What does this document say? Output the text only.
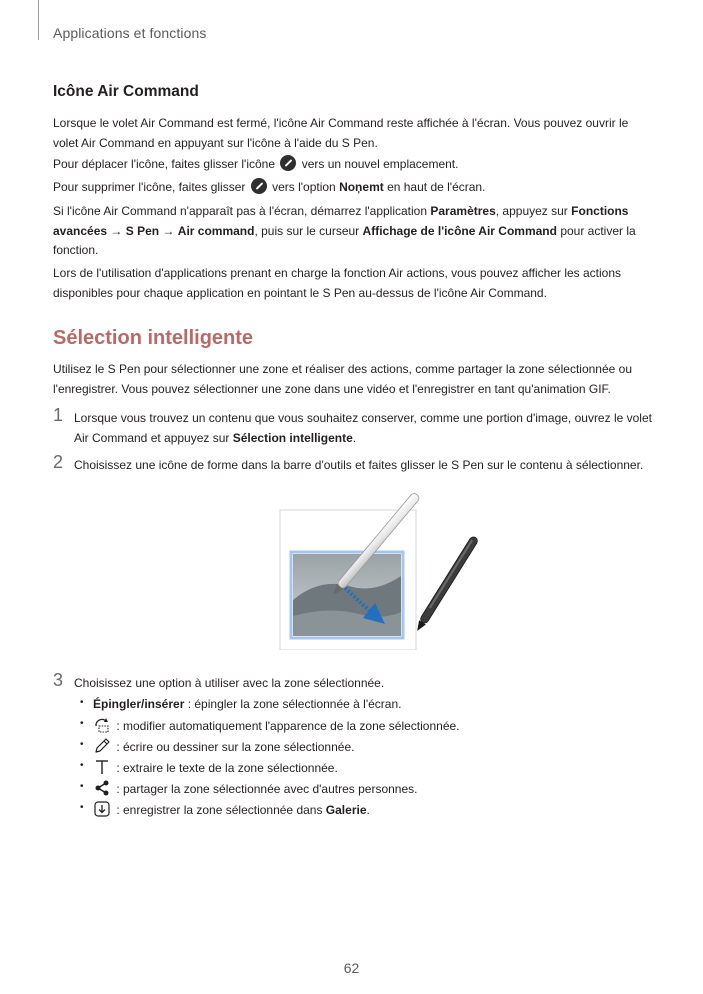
Applications et fonctions
Icône Air Command
Lorsque le volet Air Command est fermé, l'icône Air Command reste affichée à l'écran. Vous pouvez ouvrir le volet Air Command en appuyant sur l'icône à l'aide du S Pen.
Pour déplacer l'icône, faites glisser l'icône vers un nouvel emplacement.
Pour supprimer l'icône, faites glisser vers l'option Noņemt en haut de l'écran.
Si l'icône Air Command n'apparaît pas à l'écran, démarrez l'application Paramètres, appuyez sur Fonctions avancées → S Pen → Air command, puis sur le curseur Affichage de l'icône Air Command pour activer la fonction.
Lors de l'utilisation d'applications prenant en charge la fonction Air actions, vous pouvez afficher les actions disponibles pour chaque application en pointant le S Pen au-dessus de l'icône Air Command.
Sélection intelligente
Utilisez le S Pen pour sélectionner une zone et réaliser des actions, comme partager la zone sélectionnée ou l'enregistrer. Vous pouvez sélectionner une zone dans une vidéo et l'enregistrer en tant qu'animation GIF.
1 Lorsque vous trouvez un contenu que vous souhaitez conserver, comme une portion d'image, ouvrez le volet Air Command et appuyez sur Sélection intelligente.
2 Choisissez une icône de forme dans la barre d'outils et faites glisser le S Pen sur le contenu à sélectionner.
3 Choisissez une option à utiliser avec la zone sélectionnée.
• Épingler/insérer : épingler la zone sélectionnée à l'écran.
•	: modifier automatiquement l'apparence de la zone sélectionnée.
•	: écrire ou dessiner sur la zone sélectionnée.
•	: extraire le texte de la zone sélectionnée.
•	: partager la zone sélectionnée avec d'autres personnes.
•	: enregistrer la zone sélectionnée dans Galerie.
62
